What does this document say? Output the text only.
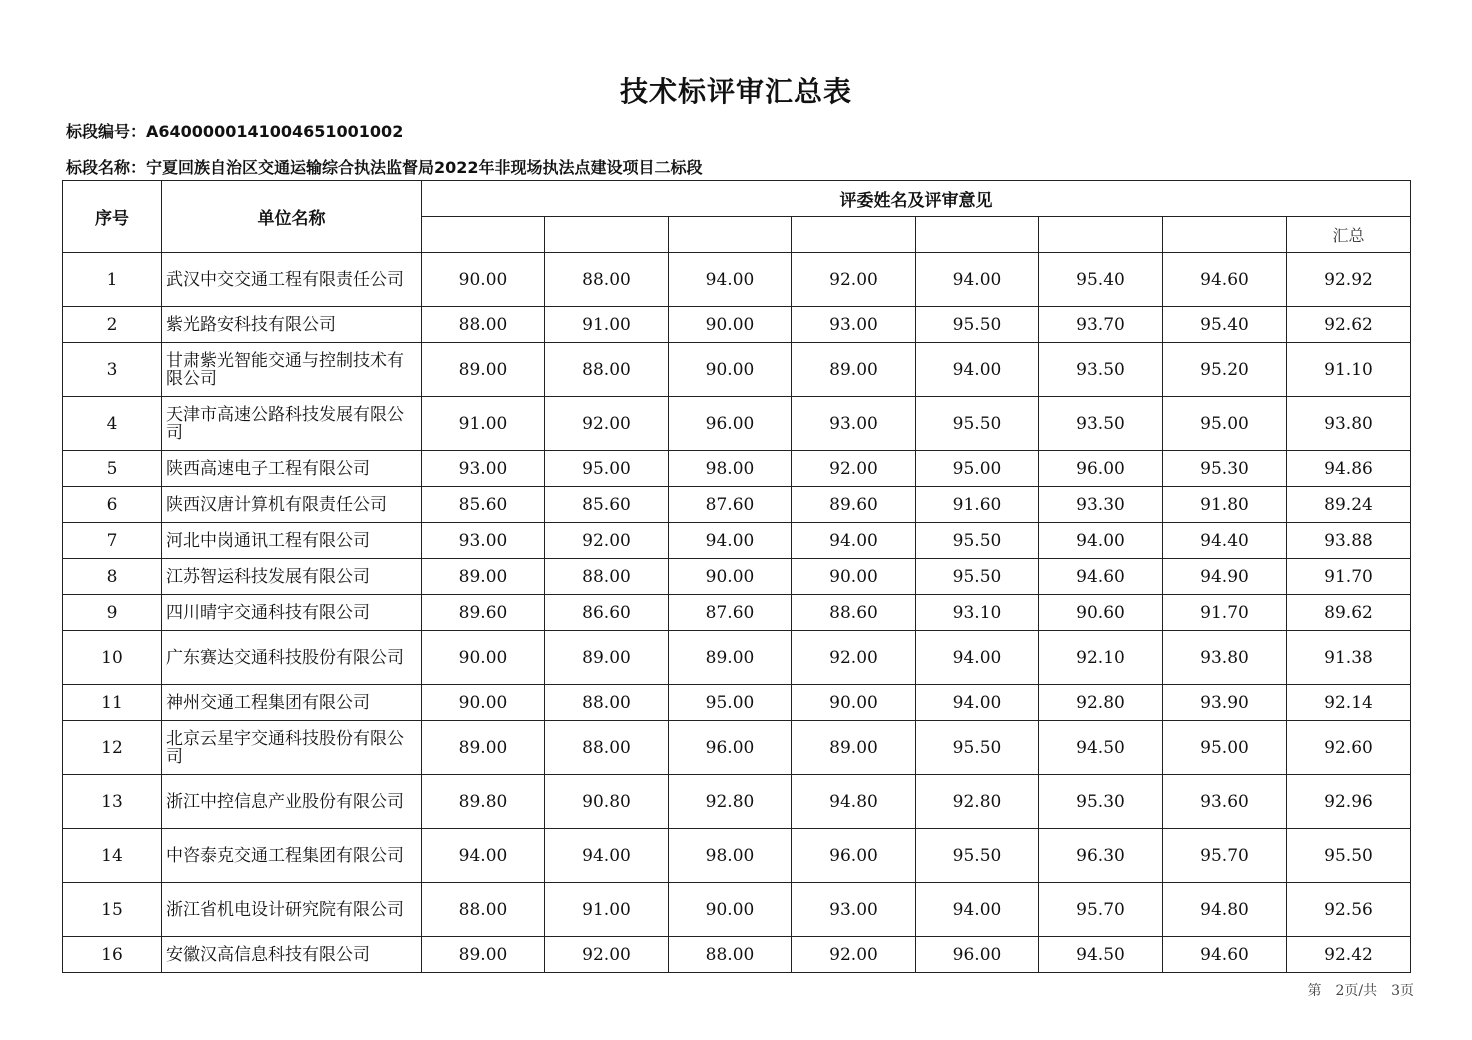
技术标评审汇总表
标段编号：A6400000141004651001002
标段名称：宁夏回族自治区交通运输综合执法监督局2022年非现场执法点建设项目二标段
序号	单位名称	评委姓名及评审意见							
									汇总
1	武汉中交交通工程有限责任公司	90.00	88.00	94.00	92.00	94.00	95.40	94.60	92.92
2	紫光路安科技有限公司	88.00	91.00	90.00	93.00	95.50	93.70	95.40	92.62
3	甘肃紫光智能交通与控制技术有限公司	89.00	88.00	90.00	89.00	94.00	93.50	95.20	91.10
4	天津市高速公路科技发展有限公司	91.00	92.00	96.00	93.00	95.50	93.50	95.00	93.80
5	陕西高速电子工程有限公司	93.00	95.00	98.00	92.00	95.00	96.00	95.30	94.86
6	陕西汉唐计算机有限责任公司	85.60	85.60	87.60	89.60	91.60	93.30	91.80	89.24
7	河北中岗通讯工程有限公司	93.00	92.00	94.00	94.00	95.50	94.00	94.40	93.88
8	江苏智运科技发展有限公司	89.00	88.00	90.00	90.00	95.50	94.60	94.90	91.70
9	四川晴宇交通科技有限公司	89.60	86.60	87.60	88.60	93.10	90.60	91.70	89.62
10	广东赛达交通科技股份有限公司	90.00	89.00	89.00	92.00	94.00	92.10	93.80	91.38
11	神州交通工程集团有限公司	90.00	88.00	95.00	90.00	94.00	92.80	93.90	92.14
12	北京云星宇交通科技股份有限公司	89.00	88.00	96.00	89.00	95.50	94.50	95.00	92.60
13	浙江中控信息产业股份有限公司	89.80	90.80	92.80	94.80	92.80	95.30	93.60	92.96
14	中咨泰克交通工程集团有限公司	94.00	94.00	98.00	96.00	95.50	96.30	95.70	95.50
15	浙江省机电设计研究院有限公司	88.00	91.00	90.00	93.00	94.00	95.70	94.80	92.56
16	安徽汉高信息科技有限公司	89.00	92.00	88.00	92.00	96.00	94.50	94.60	92.42
第　2页/共　3页
